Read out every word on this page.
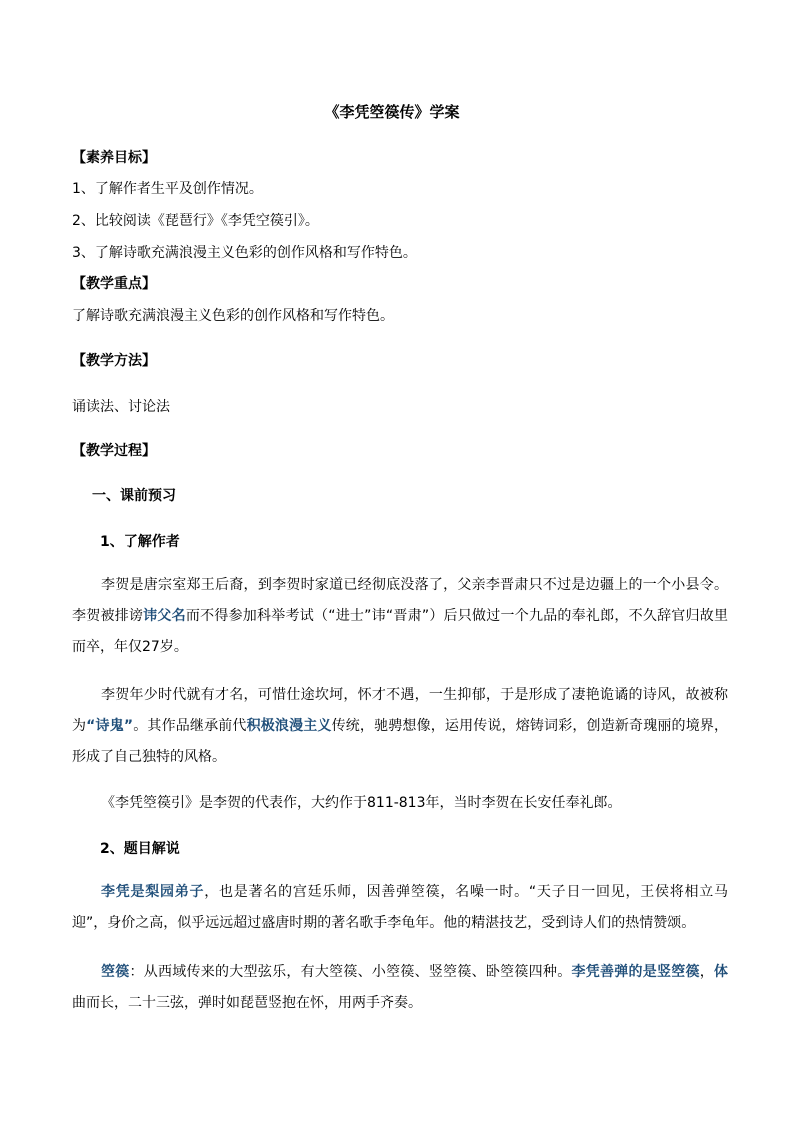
《李凭箜篌传》学案
【素养目标】
1、了解作者生平及创作情况。
2、比较阅读《琵琶行》《李凭空篌引》。
3、了解诗歌充满浪漫主义色彩的创作风格和写作特色。
【教学重点】
了解诗歌充满浪漫主义色彩的创作风格和写作特色。
【教学方法】
诵读法、讨论法
【教学过程】
一、课前预习
1、了解作者
李贺是唐宗室郑王后裔，到李贺时家道已经彻底没落了，父亲李晋肃只不过是边疆上的一个小县令。李贺被排谤讳父名而不得参加科举考试（“进士”讳“晋肃”）后只做过一个九品的奉礼郎，不久辞官归故里而卒，年仅27岁。
李贺年少时代就有才名，可惜仕途坎坷，怀才不遇，一生抑郁，于是形成了凄艳诡谲的诗风，故被称为“诗鬼”。其作品继承前代积极浪漫主义传统，驰骋想像，运用传说，熔铸词彩，创造新奇瑰丽的境界，形成了自己独特的风格。
《李凭箜篌引》是李贺的代表作，大约作于811-813年，当时李贺在长安任奉礼郎。
2、题目解说
李凭是梨园弟子，也是著名的宫廷乐师，因善弹箜篌，名噪一时。“天子日一回见，王侯将相立马迎”，身价之高，似乎远远超过盛唐时期的著名歌手李龟年。他的精湛技艺，受到诗人们的热情赞颂。
箜篌：从西域传来的大型弦乐，有大箜篌、小箜篌、竖箜篌、卧箜篌四种。李凭善弹的是竖箜篌，体曲而长，二十三弦，弹时如琵琶竖抱在怀，用两手齐奏。
